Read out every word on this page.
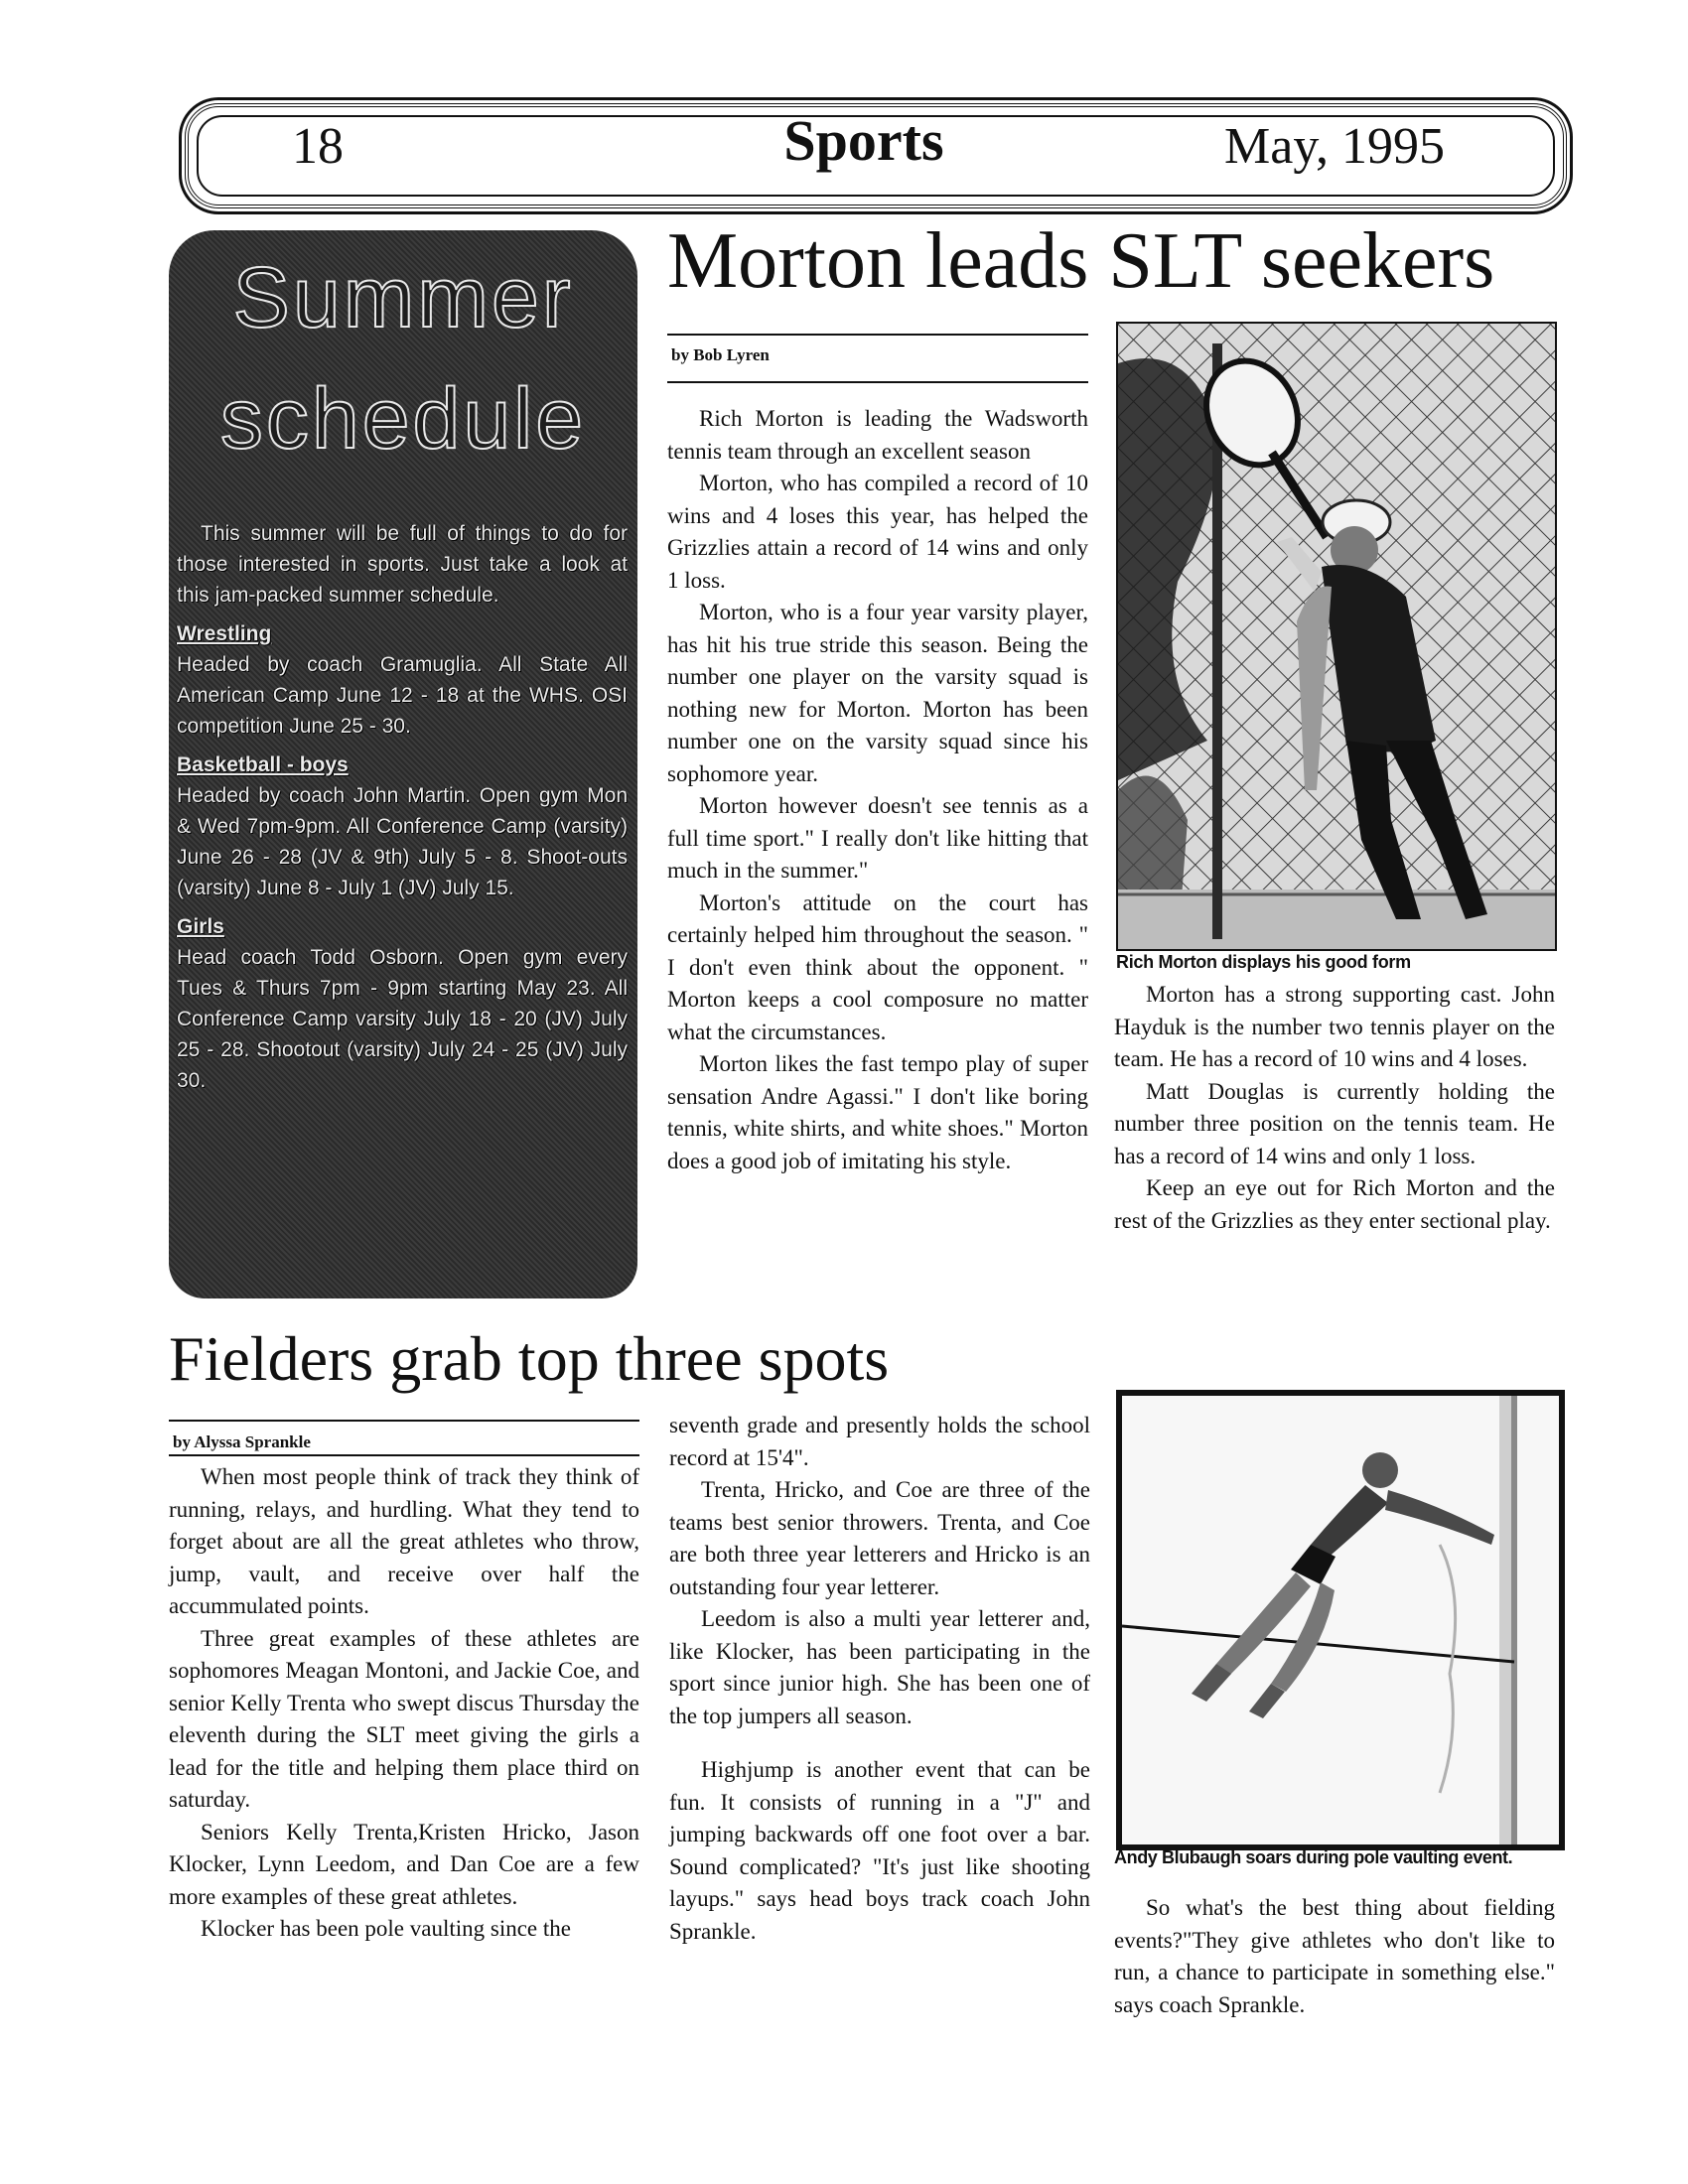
18	Sports	May, 1995
Summer
schedule

This summer will be full of things to do for those interested in sports. Just take a look at this jam-packed summer schedule.

Wrestling

Headed by coach Gramuglia. All State All American Camp June 12 - 18 at the WHS. OSI competition June 25 - 30.

Basketball - boys

Headed by coach John Martin. Open gym Mon & Wed 7pm-9pm. All Conference Camp (varsity) June 26 - 28 (JV & 9th) July 5 - 8. Shoot-outs (varsity) June 8 - July 1 (JV) July 15.

Girls

Head coach Todd Osborn. Open gym every Tues & Thurs 7pm - 9pm starting May 23. All Conference Camp varsity July 18 - 20 (JV) July 25 - 28. Shootout (varsity) July 24 - 25 (JV) July 30.

Morton leads SLT seekers
by Bob Lyren

Rich Morton is leading the Wadsworth tennis team through an excellent season

Morton, who has compiled a record of 10 wins and 4 loses this year, has helped the Grizzlies attain a record of 14 wins and only 1 loss.

Morton, who is a four year varsity player, has hit his true stride this season. Being the number one player on the varsity squad is nothing new for Morton. Morton has been number one on the varsity squad since his sophomore year.

Morton however doesn't see tennis as a full time sport." I really don't like hitting that much in the summer."

Morton's attitude on the court has certainly helped him throughout the season. " I don't even think about the opponent. " Morton keeps a cool composure no matter what the circumstances.

Morton likes the fast tempo play of super sensation Andre Agassi." I don't like boring tennis, white shirts, and white shoes." Morton does a good job of imitating his style.

Rich Morton displays his good form

Morton has a strong supporting cast. John Hayduk is the number two tennis player on the team. He has a record of 10 wins and 4 loses.

Matt Douglas is currently holding the number three position on the tennis team. He has a record of 14 wins and only 1 loss.

Keep an eye out for Rich Morton and the rest of the Grizzlies as they enter sectional play.

Fielders grab top three spots
by Alyssa Sprankle

When most people think of track they think of running, relays, and hurdling. What they tend to forget about are all the great athletes who throw, jump, vault, and receive over half the accummulated points.

Three great examples of these athletes are sophomores Meagan Montoni, and Jackie Coe, and senior Kelly Trenta who swept discus Thursday the eleventh during the SLT meet giving the girls a lead for the title and helping them place third on saturday.

Seniors Kelly Trenta,Kristen Hricko, Jason Klocker, Lynn Leedom, and Dan Coe are a few more examples of these great athletes.

Klocker has been pole vaulting since the

seventh grade and presently holds the school record at 15'4".

Trenta, Hricko, and Coe are three of the teams best senior throwers. Trenta, and Coe are both three year letterers and Hricko is an outstanding four year letterer.

Leedom is also a multi year letterer and, like Klocker, has been participating in the sport since junior high. She has been one of the top jumpers all season.

Highjump is another event that can be fun. It consists of running in a "J" and jumping backwards off one foot over a bar. Sound complicated? "It's just like shooting layups." says head boys track coach John Sprankle.

Andy Blubaugh soars during pole vaulting event.

So what's the best thing about fielding events?"They give athletes who don't like to run, a chance to participate in something else." says coach Sprankle.
